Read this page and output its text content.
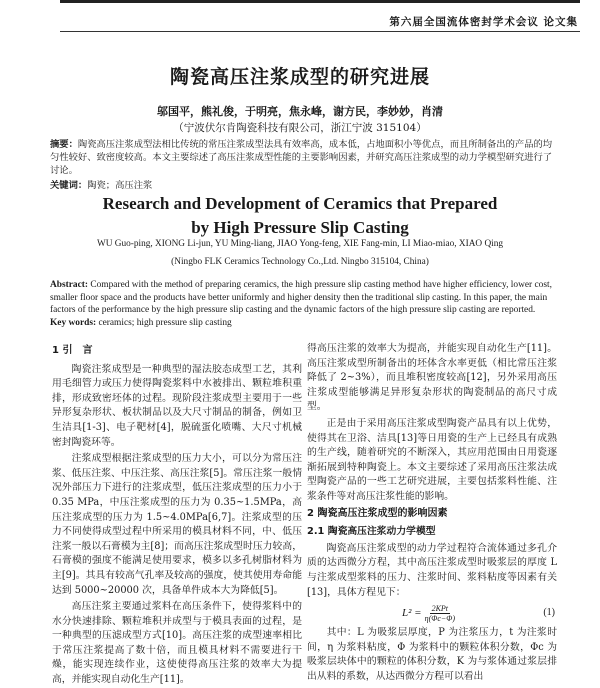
第六届全国流体密封学术会议 论文集
陶瓷高压注浆成型的研究进展
邬国平，熊礼俊，于明亮，焦永峰，谢方民，李妙妙，肖清
（宁波伏尔肯陶瓷科技有限公司，浙江宁波 315104）
摘要：陶瓷高压注浆成型法相比传统的常压注浆成型法具有效率高，成本低，占地面积小等优点，而且所制备出的产品的均匀性较好、致密度较高。本文主要综述了高压注浆成型性能的主要影响因素，并研究高压注浆成型的动力学模型研究进行了讨论。
关键词：陶瓷；高压注浆
Research and Development of Ceramics that Prepared
by High Pressure Slip Casting
WU Guo-ping, XIONG Li-jun, YU Ming-liang, JIAO Yong-feng, XIE Fang-min, LI Miao-miao, XIAO Qing
(Ningbo FLK Ceramics Technology Co.,Ltd. Ningbo 315104, China)
Abstract: Compared with the method of preparing ceramics, the high pressure slip casting method have higher efficiency, lower cost, smaller floor space and the products have better uniformly and higher density then the traditional slip casting. In this paper, the main factors of the performance by the high pressure slip casting and the dynamic factors of the high pressure slip casting are reported.
Key words: ceramics; high pressure slip casting
1 引　言

陶瓷注浆成型是一种典型的湿法胶态成型工艺，其利用毛细管力或压力使得陶瓷浆料中水被排出、颗粒堆积重排，形成致密坯体的过程。现阶段注浆成型主要用于一些异形复杂形状、板状制品以及大尺寸制品的制备，例如卫生洁具[1-3]、电子靶材[4]，脱硫蛋化喷嘴、大尺寸机械密封陶瓷环等。

注浆成型根据注浆成型的压力大小，可以分为常压注浆、低压注浆、中压注浆、高压注浆[5]。常压注浆一般情况外部压力下进行的注浆成型，低压注浆成型的压力小于 0.35 MPa，中压注浆成型的压力为 0.35~1.5MPa，高压注浆成型的压力为 1.5~4.0MPa[6,7]。注浆成型的压力不同使得成型过程中所采用的模具材料不同，中、低压注浆一般以石膏模为主[8]；而高压注浆成型时压力较高，石膏模的强度不能满足使用要求，模多以多孔树脂材料为主[9]。其具有较高气孔率及较高的强度，使其使用寿命能达到 5000~20000 次，具备单件成本大为降低[5]。

高压注浆主要通过浆料在高压条件下，使得浆料中的水分快速排除、颗粒堆积并成型与于模具表面的过程，是一种典型的压滤成型方式[10]。高压注浆的成型速率相比于常压注浆提高了数十倍，而且模具材料不需要进行干燥，能实现连续作业，这使使得高压注浆的效率大为提高，并能实现自动化生产[11]。

得高压注浆的效率大为提高，并能实现自动化生产[11]。高压注浆成型所制备出的坯体含水率更低（相比常压注浆降低了 2~3%），而且堆积密度较高[12]，另外采用高压注浆成型能够满足异形复杂形状的陶瓷制品的高尺寸成型。

正是由于采用高压注浆成型陶瓷产品具有以上优势，使得其在卫浴、洁具[13]等日用瓷的生产上已经具有成熟的生产线，随着研究的不断深入，其应用范围由日用瓷逐渐拓展到特种陶瓷上。本文主要综述了采用高压注浆法成型陶瓷产品的一些工艺研究进展，主要包括浆料性能、注浆条件等对高压注浆性能的影响。

2 陶瓷高压注浆成型的影响因素
2.1 陶瓷高压注浆动力学模型

陶瓷高压注浆成型的动力学过程符合流体通过多孔介质的达西微分方程，其中高压注浆成型时吸浆层的厚度 L 与注浆成型浆料的压力、注浆时间、浆料粘度等因素有关[13]，具体方程见下：

$L^2 = \frac{\text{2KPt}}{\eta(\Phi c-\Phi)}$	(1)

其中：L 为吸浆层厚度，P 为注浆压力，t 为注浆时间，η 为浆料粘度，Φ 为浆料中的颗粒体积分数，Φc 为吸浆层块体中的颗粒的体积分数，K 为与浆体通过浆层排出从料的系数，从达西微分方程可以看出
